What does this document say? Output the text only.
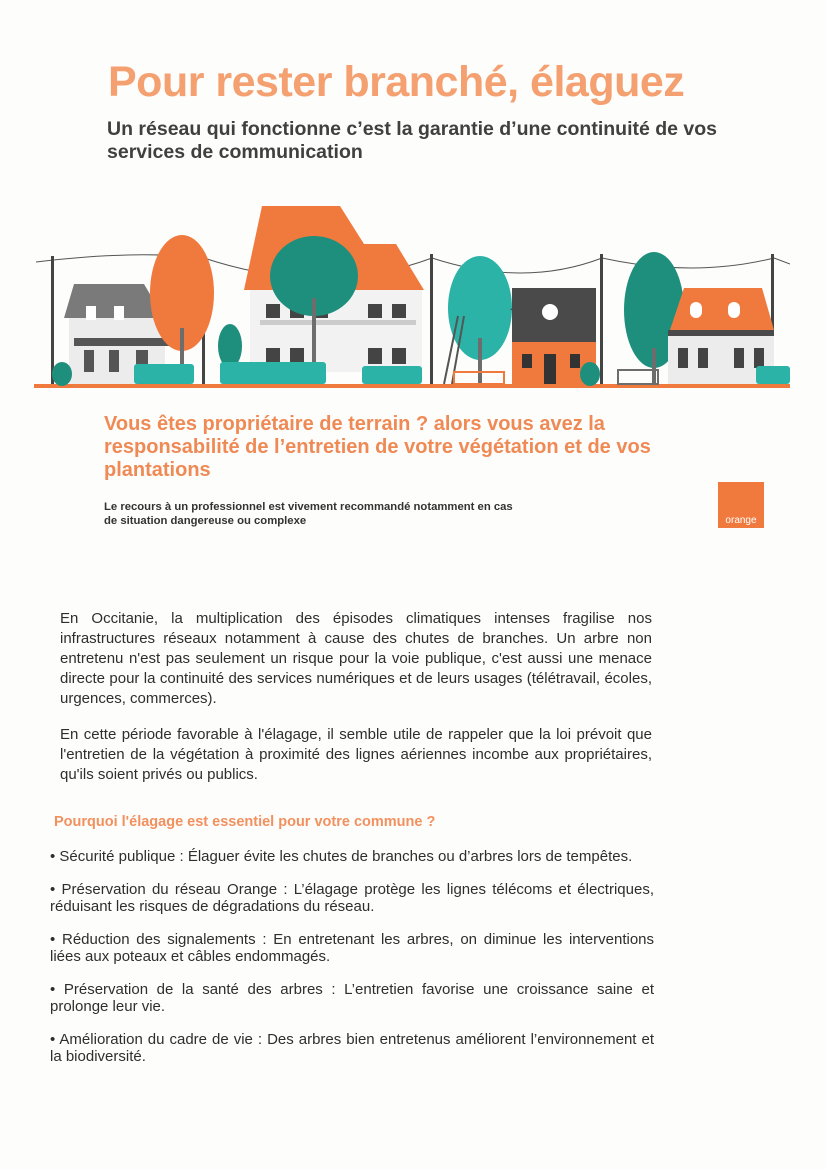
Pour rester branché, élaguez

Un réseau qui fonctionne c’est la garantie d’une continuité de vos services de communication

Vous êtes propriétaire de terrain ? alors vous avez la responsabilité de l’entretien de votre végétation et de vos plantations

Le recours à un professionnel est vivement recommandé notamment en cas de situation dangereuse ou complexe	orange

En Occitanie, la multiplication des épisodes climatiques intenses fragilise nos infrastructures réseaux notamment à cause des chutes de branches. Un arbre non entretenu n'est pas seulement un risque pour la voie publique, c'est aussi une menace directe pour la continuité des services numériques et de leurs usages (télétravail, écoles, urgences, commerces).

En cette période favorable à l'élagage, il semble utile de rappeler que la loi prévoit que l'entretien de la végétation à proximité des lignes aériennes incombe aux propriétaires, qu'ils soient privés ou publics.

Pourquoi l'élagage est essentiel pour votre commune ?

• Sécurité publique : Élaguer évite les chutes de branches ou d’arbres lors de tempêtes.

• Préservation du réseau Orange : L’élagage protège les lignes télécoms et électriques, réduisant les risques de dégradations du réseau.

• Réduction des signalements : En entretenant les arbres, on diminue les interventions liées aux poteaux et câbles endommagés.

• Préservation de la santé des arbres : L’entretien favorise une croissance saine et prolonge leur vie.

• Amélioration du cadre de vie : Des arbres bien entretenus améliorent l’environnement et la biodiversité.
